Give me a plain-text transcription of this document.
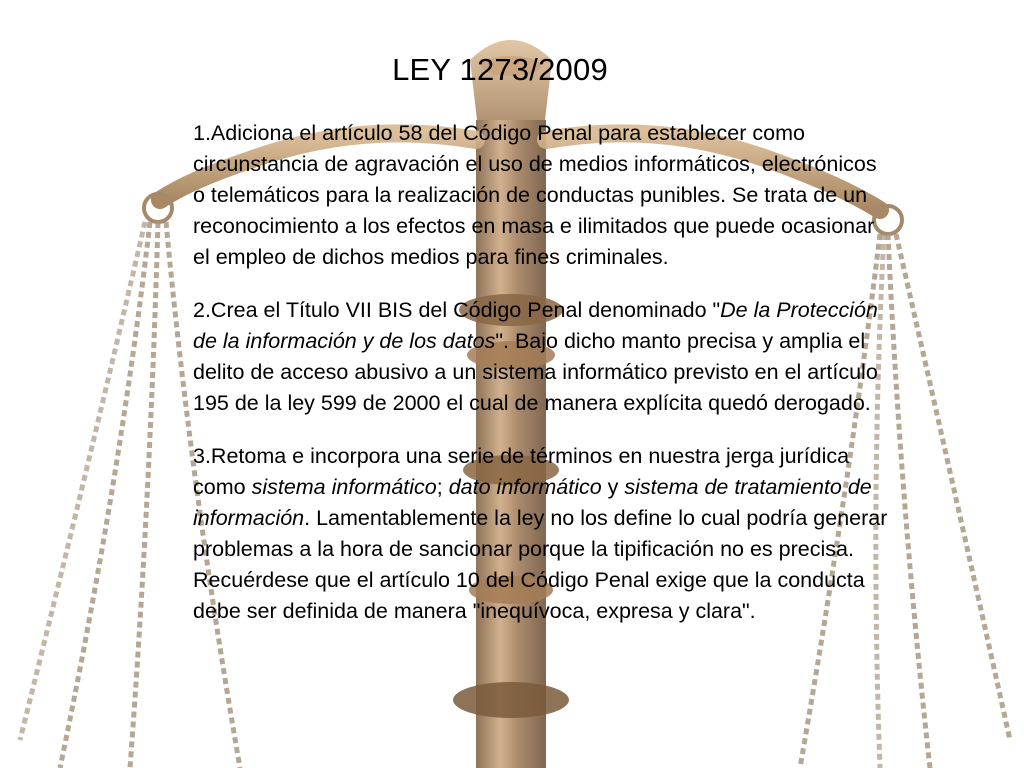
LEY 1273/2009

1.Adiciona el artículo 58 del Código Penal para establecer como circunstancia de agravación el uso de medios informáticos, electrónicos o telemáticos para la realización de conductas punibles. Se trata de un reconocimiento a los efectos en masa e ilimitados que puede ocasionar el empleo de dichos medios para fines criminales.

2.Crea el Título VII BIS del Código Penal denominado "De la Protección de la información y de los datos". Bajo dicho manto precisa y amplia el delito de acceso abusivo a un sistema informático previsto en el artículo 195 de la ley 599 de 2000 el cual de manera explícita quedó derogado.

3.Retoma e incorpora una serie de términos en nuestra jerga jurídica como sistema informático; dato informático y sistema de tratamiento de información. Lamentablemente la ley no los define lo cual podría generar problemas a la hora de sancionar porque la tipificación no es precisa. Recuérdese que el artículo 10 del Código Penal exige que la conducta debe ser definida de manera "inequívoca, expresa y clara".
